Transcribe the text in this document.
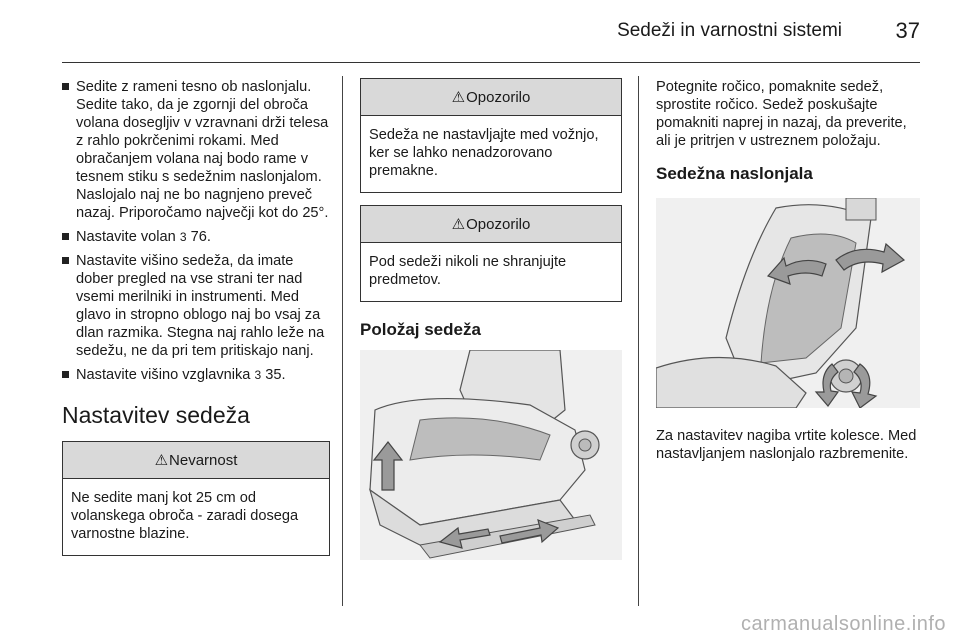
Sedeži in varnostni sistemi 37
Sedite z rameni tesno ob naslonjalu. Sedite tako, da je zgornji del obroča volana dosegljiv v vzravnani drži telesa z rahlo pokrčenimi rokami. Med obračanjem volana naj bodo rame v tesnem stiku s sedežnim naslonjalom. Naslojalo naj ne bo nagnjeno preveč nazaj. Priporočamo največji kot do 25°.
Nastavite volan 3 76.
Nastavite višino sedeža, da imate dober pregled na vse strani ter nad vsemi merilniki in instrumenti. Med glavo in stropno oblogo naj bo vsaj za dlan razmika. Stegna naj rahlo leže na sedežu, ne da pri tem pritiskajo nanj.
Nastavite višino vzglavnika 3 35.
Nastavitev sedeža
⚠ Nevarnost
Ne sedite manj kot 25 cm od volanskega obroča - zaradi dosega varnostne blazine.
⚠ Opozorilo
Sedeža ne nastavljajte med vožnjo, ker se lahko nenadzorovano premakne.
⚠ Opozorilo
Pod sedeži nikoli ne shranjujte predmetov.
Položaj sedeža

Potegnite ročico, pomaknite sedež, sprostite ročico. Sedež poskušajte pomakniti naprej in nazaj, da preverite, ali je pritrjen v ustreznem položaju.

Sedežna naslonjala

Za nastavitev nagiba vrtite kolesce. Med nastavljanjem naslonjalo razbremenite.

carmanualsonline.info
